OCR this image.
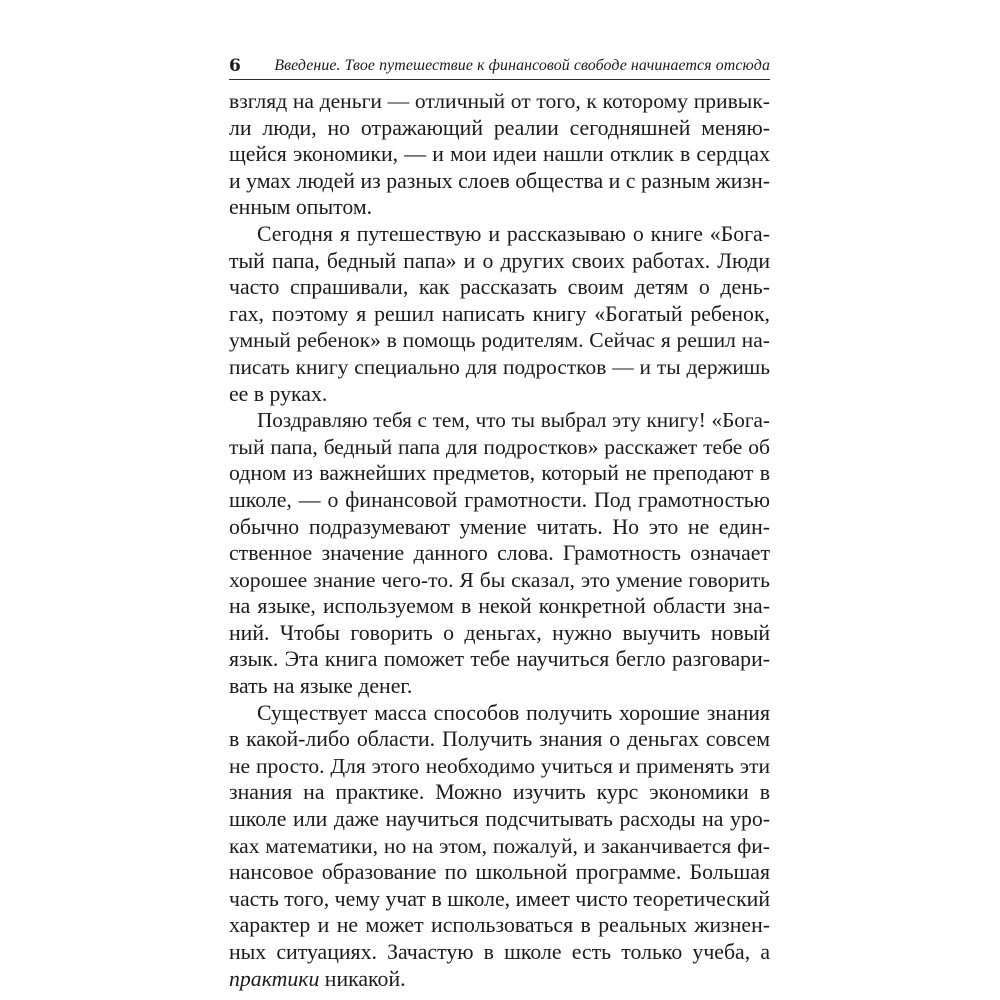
6 Введение. Твое путешествие к финансовой свободе начинается отсюда

взгляд на деньги — отличный от того, к которому привык-
ли люди, но отражающий реалии сегодняшней меняю-
щейся экономики, — и мои идеи нашли отклик в сердцах
и умах людей из разных слоев общества и с разным жизн-
енным опытом.

Сегодня я путешествую и рассказываю о книге «Бога-
тый папа, бедный папа» и о других своих работах. Люди
часто спрашивали, как рассказать своим детям о день-
гах, поэтому я решил написать книгу «Богатый ребенок,
умный ребенок» в помощь родителям. Сейчас я решил на-
писать книгу специально для подростков — и ты держишь
ее в руках.

Поздравляю тебя с тем, что ты выбрал эту книгу! «Бога-
тый папа, бедный папа для подростков» расскажет тебе об
одном из важнейших предметов, который не преподают в
школе, — о финансовой грамотности. Под грамотностью
обычно подразумевают умение читать. Но это не един-
ственное значение данного слова. Грамотность означает
хорошее знание чего-то. Я бы сказал, это умение говорить
на языке, используемом в некой конкретной области зна-
ний. Чтобы говорить о деньгах, нужно выучить новый
язык. Эта книга поможет тебе научиться бегло разговари-
вать на языке денег.

Существует масса способов получить хорошие знания
в какой-либо области. Получить знания о деньгах совсем
не просто. Для этого необходимо учиться и применять эти
знания на практике. Можно изучить курс экономики в
школе или даже научиться подсчитывать расходы на уро-
ках математики, но на этом, пожалуй, и заканчивается фи-
нансовое образование по школьной программе. Большая
часть того, чему учат в школе, имеет чисто теоретический
характер и не может использоваться в реальных жизнен-
ных ситуациях. Зачастую в школе есть только учеба, а
практики никакой.
